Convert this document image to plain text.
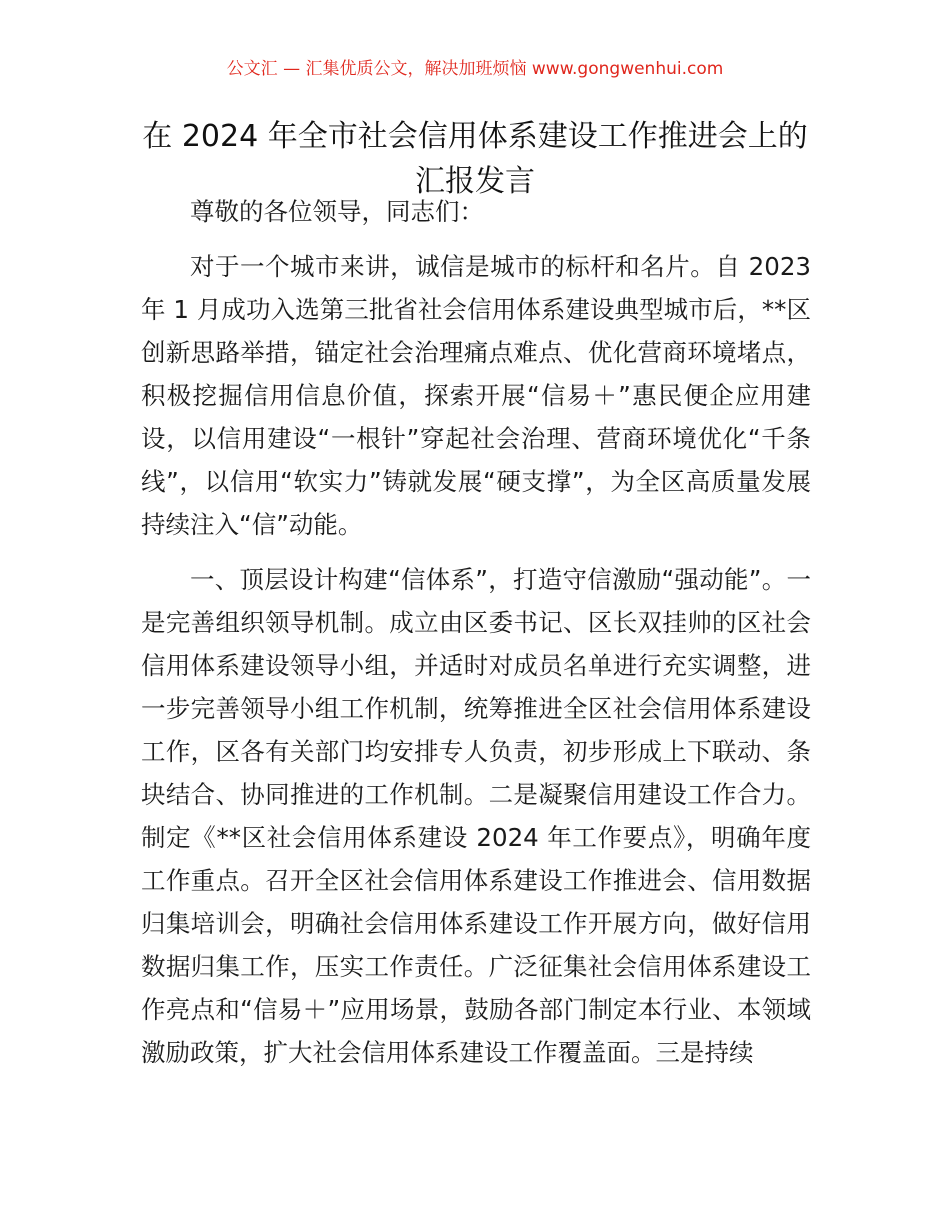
公文汇 — 汇集优质公文，解决加班烦恼 www.gongwenhui.com
在 2024 年全市社会信用体系建设工作推进会上的汇报发言

尊敬的各位领导，同志们：

对于一个城市来讲，诚信是城市的标杆和名片。自 2023 年 1 月成功入选第三批省社会信用体系建设典型城市后，**区创新思路举措，锚定社会治理痛点难点、优化营商环境堵点，积极挖掘信用信息价值，探索开展“信易＋”惠民便企应用建设，以信用建设“一根针”穿起社会治理、营商环境优化“千条线”，以信用“软实力”铸就发展“硬支撑”，为全区高质量发展持续注入“信”动能。

一、顶层设计构建“信体系”，打造守信激励“强动能”。一是完善组织领导机制。成立由区委书记、区长双挂帅的区社会信用体系建设领导小组，并适时对成员名单进行充实调整，进一步完善领导小组工作机制，统筹推进全区社会信用体系建设工作，区各有关部门均安排专人负责，初步形成上下联动、条块结合、协同推进的工作机制。二是凝聚信用建设工作合力。制定《**区社会信用体系建设 2024 年工作要点》，明确年度工作重点。召开全区社会信用体系建设工作推进会、信用数据归集培训会，明确社会信用体系建设工作开展方向，做好信用数据归集工作，压实工作责任。广泛征集社会信用体系建设工作亮点和“信易＋”应用场景，鼓励各部门制定本行业、本领域激励政策，扩大社会信用体系建设工作覆盖面。三是持续
